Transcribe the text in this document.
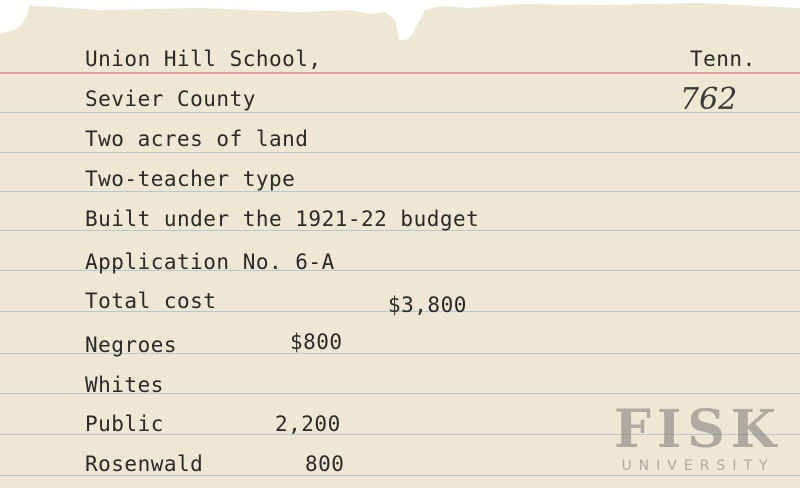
Union Hill School,	Tenn.
762
Sevier County
Two acres of land
Two-teacher type
Built under the 1921-22 budget
Application No. 6-A
Total cost	$3,800
Negroes	$800
Whites
Public	2,200
Rosenwald	800
FISK
UNIVERSITY
